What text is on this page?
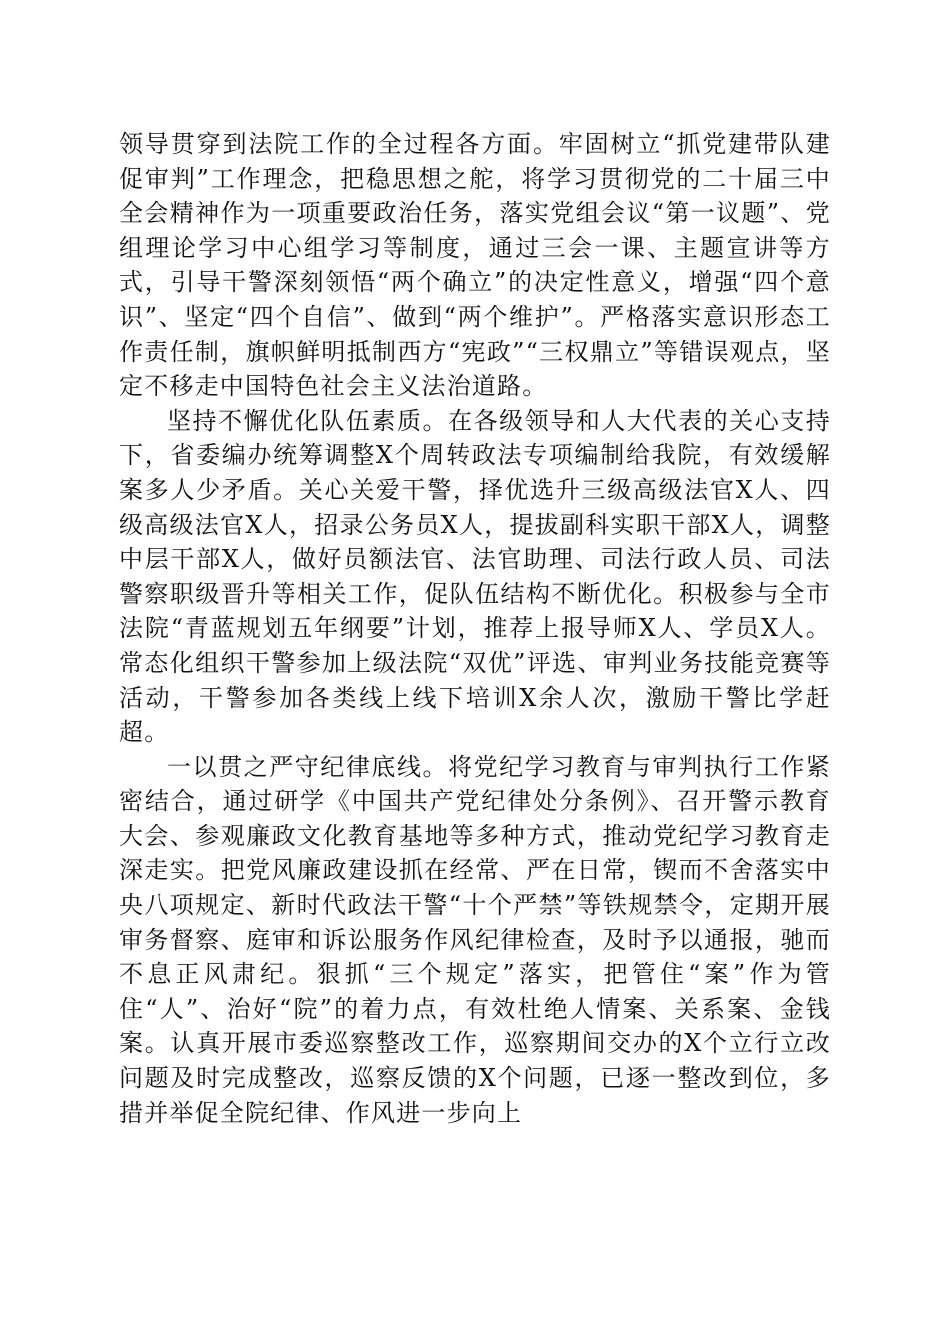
领导贯穿到法院工作的全过程各方面。牢固树立“抓党建带队建促审判”工作理念，把稳思想之舵，将学习贯彻党的二十届三中全会精神作为一项重要政治任务，落实党组会议“第一议题”、党组理论学习中心组学习等制度，通过三会一课、主题宣讲等方式，引导干警深刻领悟“两个确立”的决定性意义，增强“四个意识”、坚定“四个自信”、做到“两个维护”。严格落实意识形态工作责任制，旗帜鲜明抵制西方“宪政”“三权鼎立”等错误观点，坚定不移走中国特色社会主义法治道路。

坚持不懈优化队伍素质。在各级领导和人大代表的关心支持下，省委编办统筹调整X个周转政法专项编制给我院，有效缓解案多人少矛盾。关心关爱干警，择优选升三级高级法官X人、四级高级法官X人，招录公务员X人，提拔副科实职干部X人，调整中层干部X人，做好员额法官、法官助理、司法行政人员、司法警察职级晋升等相关工作，促队伍结构不断优化。积极参与全市法院“青蓝规划五年纲要”计划，推荐上报导师X人、学员X人。常态化组织干警参加上级法院“双优”评选、审判业务技能竞赛等活动，干警参加各类线上线下培训X余人次，激励干警比学赶超。

一以贯之严守纪律底线。将党纪学习教育与审判执行工作紧密结合，通过研学《中国共产党纪律处分条例》、召开警示教育大会、参观廉政文化教育基地等多种方式，推动党纪学习教育走深走实。把党风廉政建设抓在经常、严在日常，锲而不舍落实中央八项规定、新时代政法干警“十个严禁”等铁规禁令，定期开展审务督察、庭审和诉讼服务作风纪律检查，及时予以通报，驰而不息正风肃纪。狠抓“三个规定”落实，把管住“案”作为管住“人”、治好“院”的着力点，有效杜绝人情案、关系案、金钱案。认真开展市委巡察整改工作，巡察期间交办的X个立行立改问题及时完成整改，巡察反馈的X个问题，已逐一整改到位，多措并举促全院纪律、作风进一步向上
